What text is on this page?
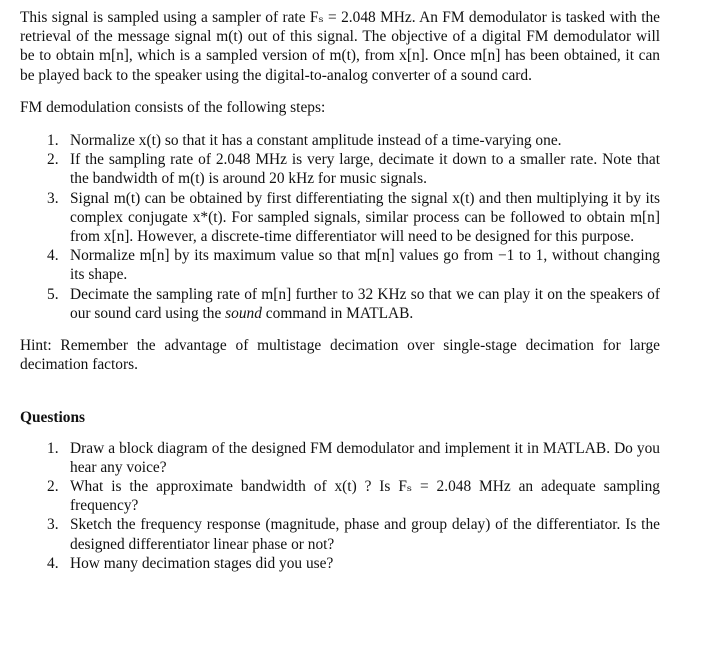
This signal is sampled using a sampler of rate Fₛ = 2.048 MHz. An FM demodulator is tasked with the retrieval of the message signal m(t) out of this signal. The objective of a digital FM demodulator will be to obtain m[n], which is a sampled version of m(t), from x[n]. Once m[n] has been obtained, it can be played back to the speaker using the digital-to-analog converter of a sound card.

FM demodulation consists of the following steps:

1. Normalize x(t) so that it has a constant amplitude instead of a time-varying one.
2. If the sampling rate of 2.048 MHz is very large, decimate it down to a smaller rate. Note that the bandwidth of m(t) is around 20 kHz for music signals.
3. Signal m(t) can be obtained by first differentiating the signal x(t) and then multiplying it by its complex conjugate x*(t). For sampled signals, similar process can be followed to obtain m[n] from x[n]. However, a discrete-time differentiator will need to be designed for this purpose.
4. Normalize m[n] by its maximum value so that m[n] values go from −1 to 1, without changing its shape.
5. Decimate the sampling rate of m[n] further to 32 KHz so that we can play it on the speakers of our sound card using the sound command in MATLAB.

Hint: Remember the advantage of multistage decimation over single-stage decimation for large decimation factors.

Questions

1. Draw a block diagram of the designed FM demodulator and implement it in MATLAB. Do you hear any voice?
2. What is the approximate bandwidth of x(t) ? Is Fₛ = 2.048 MHz an adequate sampling frequency?
3. Sketch the frequency response (magnitude, phase and group delay) of the differentiator. Is the designed differentiator linear phase or not?
4. How many decimation stages did you use?
